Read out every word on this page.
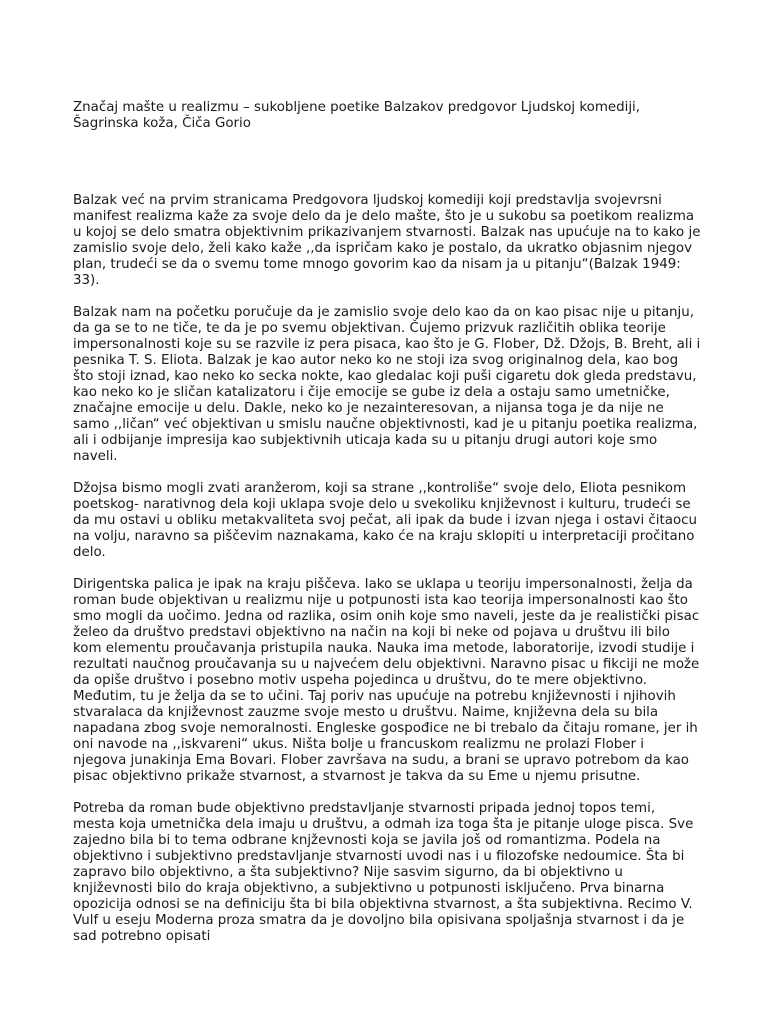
Značaj mašte u realizmu – sukobljene poetike Balzakov predgovor Ljudskoj komediji, Šagrinska koža, Čiča Gorio

Balzak već na prvim stranicama Predgovora ljudskoj komediji koji predstavlja svojevrsni manifest realizma kaže za svoje delo da je delo mašte, što je u sukobu sa poetikom realizma u kojoj se delo smatra objektivnim prikazivanjem stvarnosti. Balzak nas upućuje na to kako je zamislio svoje delo, želi kako kaže ,,da ispričam kako je postalo, da ukratko objasnim njegov plan, trudeći se da o svemu tome mnogo govorim kao da nisam ja u pitanju“(Balzak 1949: 33).

Balzak nam na početku poručuje da je zamislio svoje delo kao da on kao pisac nije u pitanju, da ga se to ne tiče, te da je po svemu objektivan. Čujemo prizvuk različitih oblika teorije impersonalnosti koje su se razvile iz pera pisaca, kao što je G. Flober, Dž. Džojs, B. Breht, ali i pesnika T. S. Eliota. Balzak je kao autor neko ko ne stoji iza svog originalnog dela, kao bog što stoji iznad, kao neko ko secka nokte, kao gledalac koji puši cigaretu dok gleda predstavu, kao neko ko je sličan katalizatoru i čije emocije se gube iz dela a ostaju samo umetničke, značajne emocije u delu. Dakle, neko ko je nezainteresovan, a nijansa toga je da nije ne samo ,,ličan“ već objektivan u smislu naučne objektivnosti, kad je u pitanju poetika realizma, ali i odbijanje impresija kao subjektivnih uticaja kada su u pitanju drugi autori koje smo naveli.

Džojsa bismo mogli zvati aranžerom, koji sa strane ,,kontroliše“ svoje delo, Eliota pesnikom poetskog- narativnog dela koji uklapa svoje delo u svekoliku književnost i kulturu, trudeći se da mu ostavi u obliku metakvaliteta svoj pečat, ali ipak da bude i izvan njega i ostavi čitaocu na volju, naravno sa piščevim naznakama, kako će na kraju sklopiti u interpretaciji pročitano delo.

Dirigentska palica je ipak na kraju piščeva. Iako se uklapa u teoriju impersonalnosti, želja da roman bude objektivan u realizmu nije u potpunosti ista kao teorija impersonalnosti kao što smo mogli da uočimo. Jedna od razlika, osim onih koje smo naveli, jeste da je realistički pisac želeo da društvo predstavi objektivno na način na koji bi neke od pojava u društvu ili bilo kom elementu proučavanja pristupila nauka. Nauka ima metode, laboratorije, izvodi studije i rezultati naučnog proučavanja su u najvećem delu objektivni. Naravno pisac u fikciji ne može da opiše društvo i posebno motiv uspeha pojedinca u društvu, do te mere objektivno. Međutim, tu je želja da se to učini. Taj poriv nas upućuje na potrebu književnosti i njihovih stvaralaca da književnost zauzme svoje mesto u društvu. Naime, književna dela su bila napadana zbog svoje nemoralnosti. Engleske gospođice ne bi trebalo da čitaju romane, jer ih oni navode na ,,iskvareni“ ukus. Ništa bolje u francuskom realizmu ne prolazi Flober i njegova junakinja Ema Bovari. Flober završava na sudu, a brani se upravo potrebom da kao pisac objektivno prikaže stvarnost, a stvarnost je takva da su Eme u njemu prisutne.

Potreba da roman bude objektivno predstavljanje stvarnosti pripada jednoj topos temi, mesta koja umetnička dela imaju u društvu, a odmah iza toga šta je pitanje uloge pisca. Sve zajedno bila bi to tema odbrane knjževnosti koja se javila još od romantizma. Podela na objektivno i subjektivno predstavljanje stvarnosti uvodi nas i u filozofske nedoumice. Šta bi zapravo bilo objektivno, a šta subjektivno? Nije sasvim sigurno, da bi objektivno u književnosti bilo do kraja objektivno, a subjektivno u potpunosti isključeno. Prva binarna opozicija odnosi se na definiciju šta bi bila objektivna stvarnost, a šta subjektivna. Recimo V. Vulf u eseju Moderna proza smatra da je dovoljno bila opisivana spoljašnja stvarnost i da je sad potrebno opisati
